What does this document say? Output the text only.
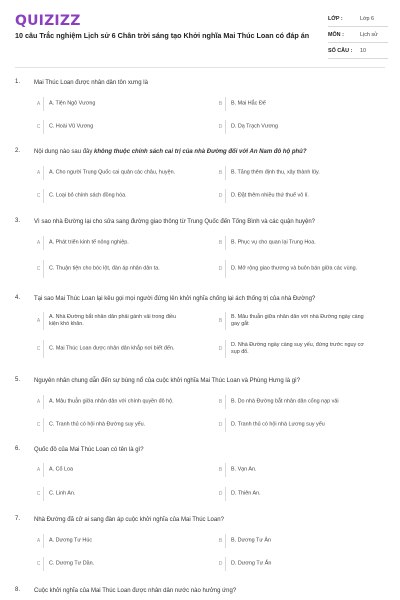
QUIZIZZ
10 câu Trắc nghiệm Lịch sử 6 Chân trời sáng tạo Khởi nghĩa Mai Thúc Loan có đáp án
LỚP :	Lớp 6
MÔN :	Lịch sử
SỐ CÂU : 10
1. Mai Thúc Loan được nhân dân tôn xưng là
A	A. Tiện Ngô Vương	B	B. Mai Hắc Đế
C	C. Hoài Vũ Vương	D	D. Dạ Trạch Vương
2. Nội dung nào sau đây không thuộc chính sách cai trị của nhà Đường đối với An Nam đô hộ phủ?
A	A. Cho người Trung Quốc cai quản các châu, huyện.	B	B. Tăng thêm định thu, xây thành lũy.
C	C. Loại bỏ chính sách đồng hóa.	D	D. Đặt thêm nhiều thứ thuế vô lí.
3. Vì sao nhà Đường lại cho sửa sang đường giao thông từ Trung Quốc đến Tống Bình và các quận huyện?
A	A. Phát triển kinh tế nông nghiệp.	B	B. Phục vụ cho quan lại Trung Hoa.
C	C. Thuận tiện cho bóc lột, đàn áp nhân dân ta.	D	D. Mở rộng giao thương và buôn bán giữa các vùng.
4. Tại sao Mai Thúc Loan lại kêu gọi mọi người đứng lên khởi nghĩa chống lại ách thống trị của nhà Đường?
A
A. Nhà Đường bắt nhân dân phải gánh vải trong điều kiện khó khăn.
B
B. Mâu thuẫn giữa nhân dân với nhà Đường ngày càng gay gắt
C	C. Mai Thúc Loan được nhân dân khắp nơi biết đến.	D
D. Nhà Đường ngày càng suy yếu, đứng trước nguy cơ sụp đổ.
5. Nguyên nhân chung dẫn đến sự bùng nổ của cuộc khởi nghĩa Mai Thúc Loan và Phùng Hưng là gì?
A	A. Mâu thuẫn giữa nhân dân với chính quyền đô hộ.	B	B. Do nhà Đường bắt nhân dân cống nạp vải
C	C. Tranh thủ có hội nhà Đường suy yếu.	D	D. Tranh thủ có hội nhà Lương suy yếu
6. Quốc đô của Mai Thúc Loan có tên là gì?
A	A. Cổ Loa	B	B. Vạn An.
C	C. Linh An.	D	D. Thiên An.
7. Nhà Đường đã cử ai sang đàn áp cuộc khởi nghĩa của Mai Thúc Loan?
A	A. Dương Tư Húc	B	B. Dương Tư Ân
C	C. Dương Tư Dần.	D	D. Dương Tư Ấn
8. Cuộc khởi nghĩa của Mai Thúc Loan được nhân dân nước nào hưởng ứng?
